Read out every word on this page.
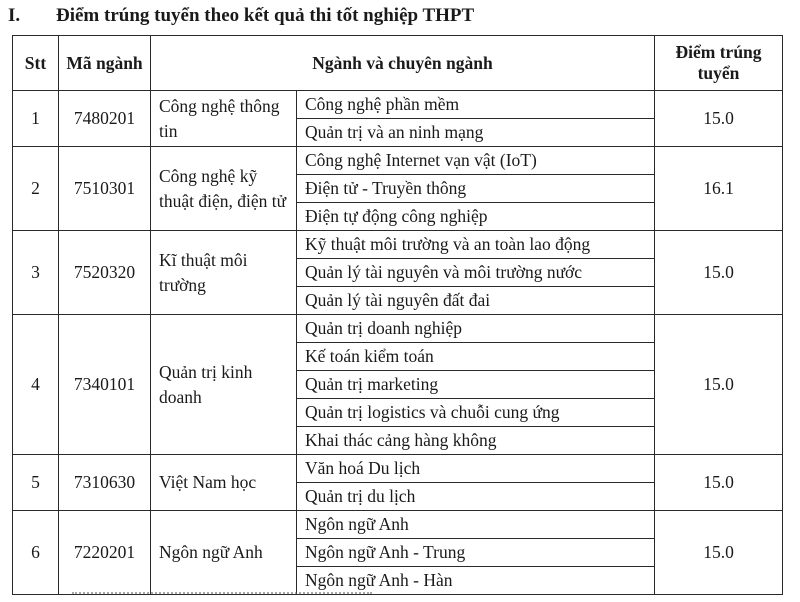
I. Điểm trúng tuyển theo kết quả thi tốt nghiệp THPT
Stt	Mã ngành	Ngành và chuyên ngành		Điểm trúng tuyển
1	7480201	Công nghệ thông tin	Công nghệ phần mềm	15.0
			Quản trị và an ninh mạng	
2	7510301	Công nghệ kỹ thuật điện, điện tử	Công nghệ Internet vạn vật (IoT)	16.1
			Điện tử - Truyền thông	
			Điện tự động công nghiệp	
3	7520320	Kĩ thuật môi trường	Kỹ thuật môi trường và an toàn lao động	15.0
			Quản lý tài nguyên và môi trường nước	
			Quản lý tài nguyên đất đai	
4	7340101	Quản trị kinh doanh	Quản trị doanh nghiệp	15.0
			Kế toán kiểm toán	
			Quản trị marketing	
			Quản trị logistics và chuỗi cung ứng	
			Khai thác cảng hàng không	
5	7310630	Việt Nam học	Văn hoá Du lịch	15.0
			Quản trị du lịch	
6	7220201	Ngôn ngữ Anh	Ngôn ngữ Anh	15.0
			Ngôn ngữ Anh - Trung	
			Ngôn ngữ Anh - Hàn	
